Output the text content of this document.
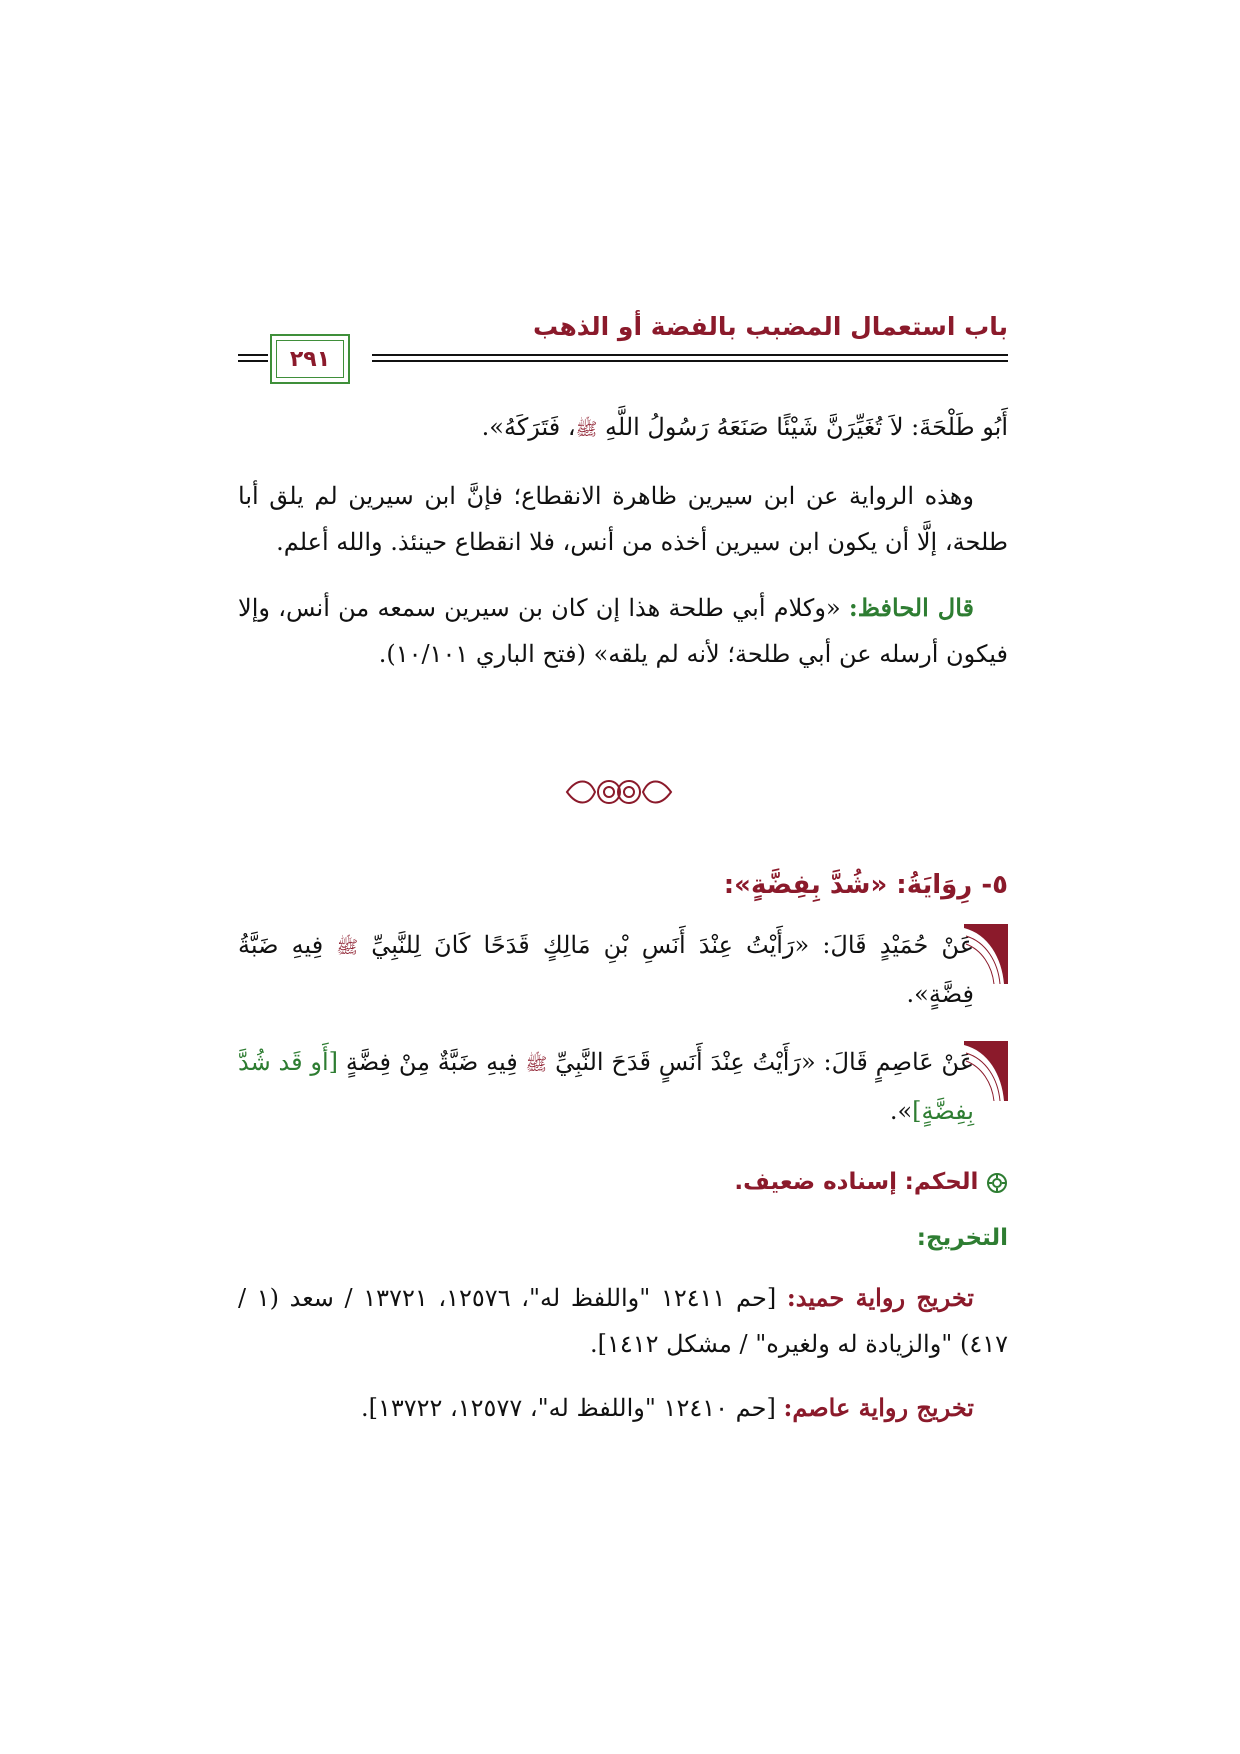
باب استعمال المضبب بالفضة أو الذهب
٢٩١

أَبُو طَلْحَةَ: لاَ تُغَيِّرَنَّ شَيْئًا صَنَعَهُ رَسُولُ اللَّهِ ﷺ، فَتَرَكَهُ».

وهذه الرواية عن ابن سيرين ظاهرة الانقطاع؛ فإنَّ ابن سيرين لم يلق أبا طلحة، إلَّا أن يكون ابن سيرين أخذه من أنس، فلا انقطاع حينئذ. والله أعلم.

قال الحافظ: «وكلام أبي طلحة هذا إن كان بن سيرين سمعه من أنس، وإلا فيكون أرسله عن أبي طلحة؛ لأنه لم يلقه» (فتح الباري ١٠/١٠١).

٥- رِوَايَةُ: «شُدَّ بِفِضَّةٍ»:

عَنْ حُمَيْدٍ قَالَ: «رَأَيْتُ عِنْدَ أَنَسِ بْنِ مَالِكٍ قَدَحًا كَانَ لِلنَّبِيِّ ﷺ فِيهِ ضَبَّةُ فِضَّةٍ».

عَنْ عَاصِمٍ قَالَ: «رَأَيْتُ عِنْدَ أَنَسٍ قَدَحَ النَّبِيِّ ﷺ فِيهِ ضَبَّةٌ مِنْ فِضَّةٍ [أَو قَد شُدَّ بِفِضَّةٍ]».

الحكم: إسناده ضعيف.

التخريج:

تخريج رواية حميد: [حم ١٢٤١١ "واللفظ له"، ١٢٥٧٦، ١٣٧٢١ / سعد (١ / ٤١٧) "والزيادة له ولغيره" / مشكل ١٤١٢].

تخريج رواية عاصم: [حم ١٢٤١٠ "واللفظ له"، ١٢٥٧٧، ١٣٧٢٢].
